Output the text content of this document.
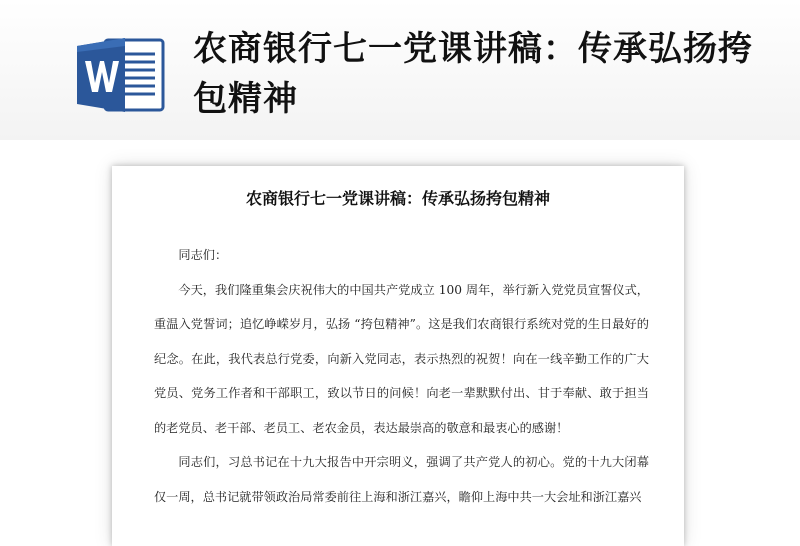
农商银行七一党课讲稿：传承弘扬挎包精神
农商银行七一党课讲稿：传承弘扬挎包精神

同志们：

今天，我们隆重集会庆祝伟大的中国共产党成立 100 周年，举行新入党党员宣誓仪式，重温入党誓词；追忆峥嵘岁月，弘扬 “挎包精神”。这是我们农商银行系统对党的生日最好的纪念。在此，我代表总行党委，向新入党同志，表示热烈的祝贺！向在一线辛勤工作的广大党员、党务工作者和干部职工，致以节日的问候！向老一辈默默付出、甘于奉献、敢于担当的老党员、老干部、老员工、老农金员，表达最崇高的敬意和最衷心的感谢！

同志们，习总书记在十九大报告中开宗明义，强调了共产党人的初心。党的十九大闭幕仅一周，总书记就带领政治局常委前往上海和浙江嘉兴，瞻仰上海中共一大会址和浙江嘉兴
